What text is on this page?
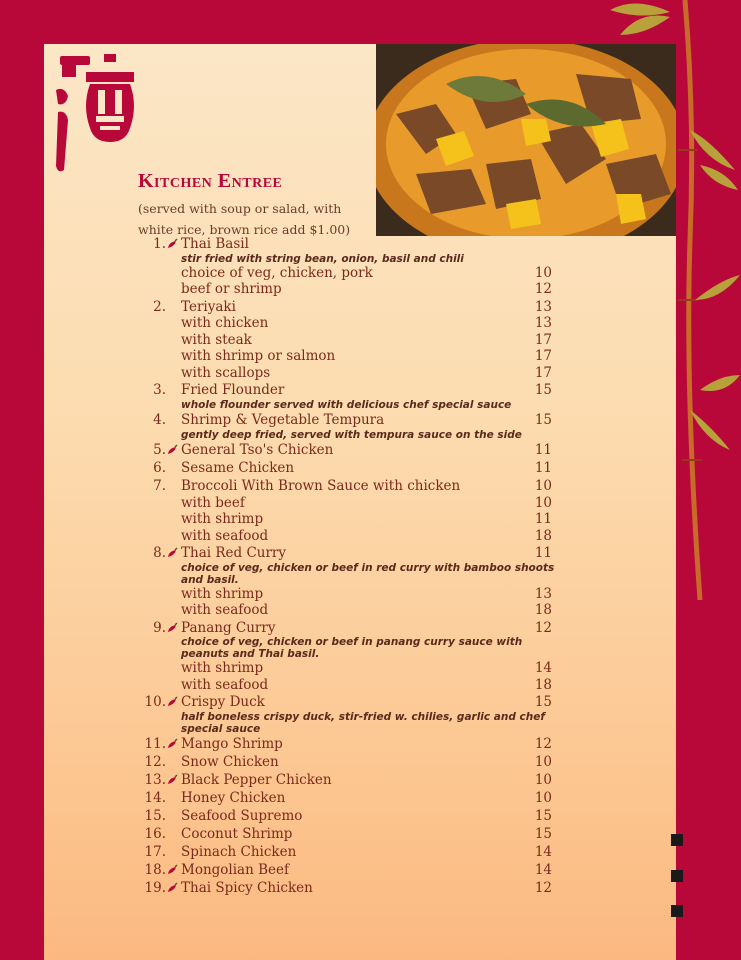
Kitchen Entree
(served with soup or salad, with white rice, brown rice add $1.00)
1. Thai Basil
stir fried with string bean, onion, basil and chili
choice of veg, chicken, pork	10
beef or shrimp	12
2. Teriyaki	13
with chicken	13
with steak	17
with shrimp or salmon	17
with scallops	17
3. Fried Flounder	15
whole flounder served with delicious chef special sauce
4. Shrimp & Vegetable Tempura	15
gently deep fried, served with tempura sauce on the side
5. General Tso's Chicken	11
6. Sesame Chicken	11
7. Broccoli With Brown Sauce with chicken	10
with beef	10
with shrimp	11
with seafood	18
8. Thai Red Curry	11
choice of veg, chicken or beef in red curry with bamboo shoots and basil.
with shrimp	13
with seafood	18
9. Panang Curry	12
choice of veg, chicken or beef in panang curry sauce with peanuts and Thai basil.
with shrimp	14
with seafood	18
10. Crispy Duck	15
half boneless crispy duck, stir-fried w. chilies, garlic and chef special sauce
11. Mango Shrimp	12
12. Snow Chicken	10
13. Black Pepper Chicken	10
14. Honey Chicken	10
15. Seafood Supremo	15
16. Coconut Shrimp	15
17. Spinach Chicken	14
18. Mongolian Beef	14
19. Thai Spicy Chicken	12
